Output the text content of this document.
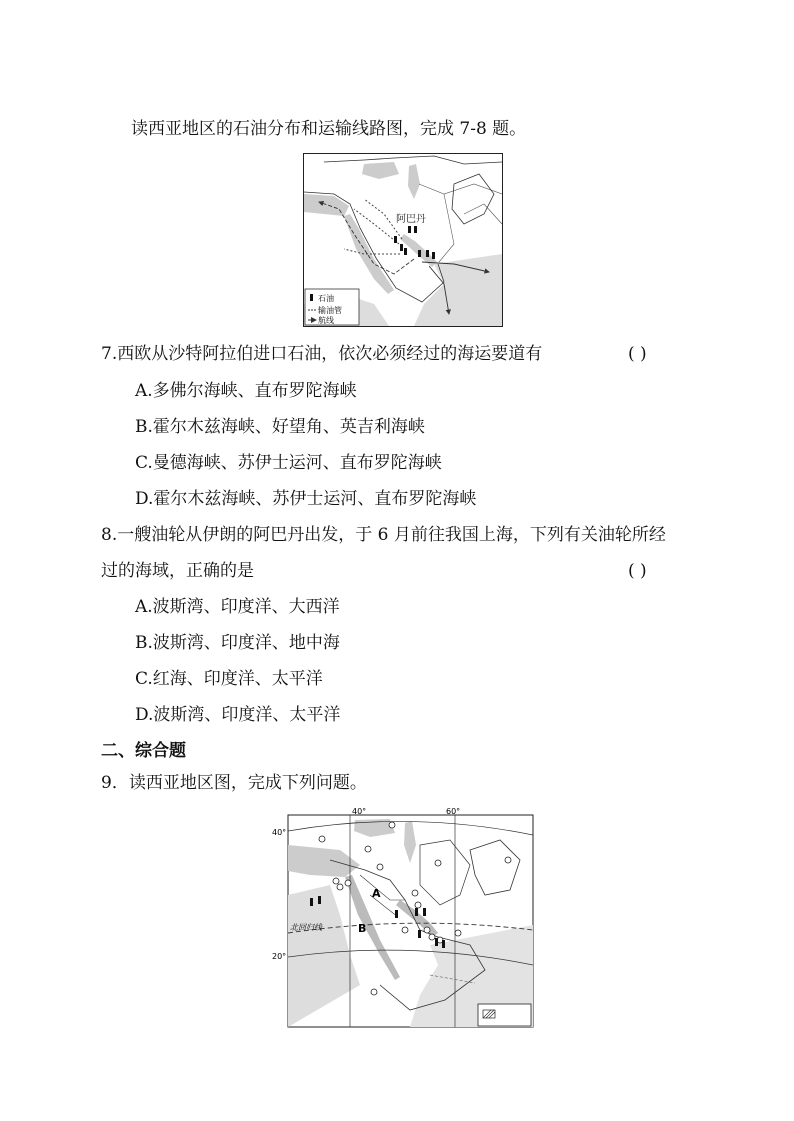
读西亚地区的石油分布和运输线路图，完成 7-8 题。
阿巴丹
石油
输油管
航线
7.西欧从沙特阿拉伯进口石油，依次必须经过的海运要道有	( )
A.多佛尔海峡、直布罗陀海峡
B.霍尔木兹海峡、好望角、英吉利海峡
C.曼德海峡、苏伊士运河、直布罗陀海峡
D.霍尔木兹海峡、苏伊士运河、直布罗陀海峡
8.一艘油轮从伊朗的阿巴丹出发，于 6 月前往我国上海，下列有关油轮所经
过的海域，正确的是	( )
A.波斯湾、印度洋、大西洋
B.波斯湾、印度洋、地中海
C.红海、印度洋、太平洋
D.波斯湾、印度洋、太平洋
二、综合题
9．读西亚地区图，完成下列问题。
40°	60°
40°
20°
北回归线
A
B
